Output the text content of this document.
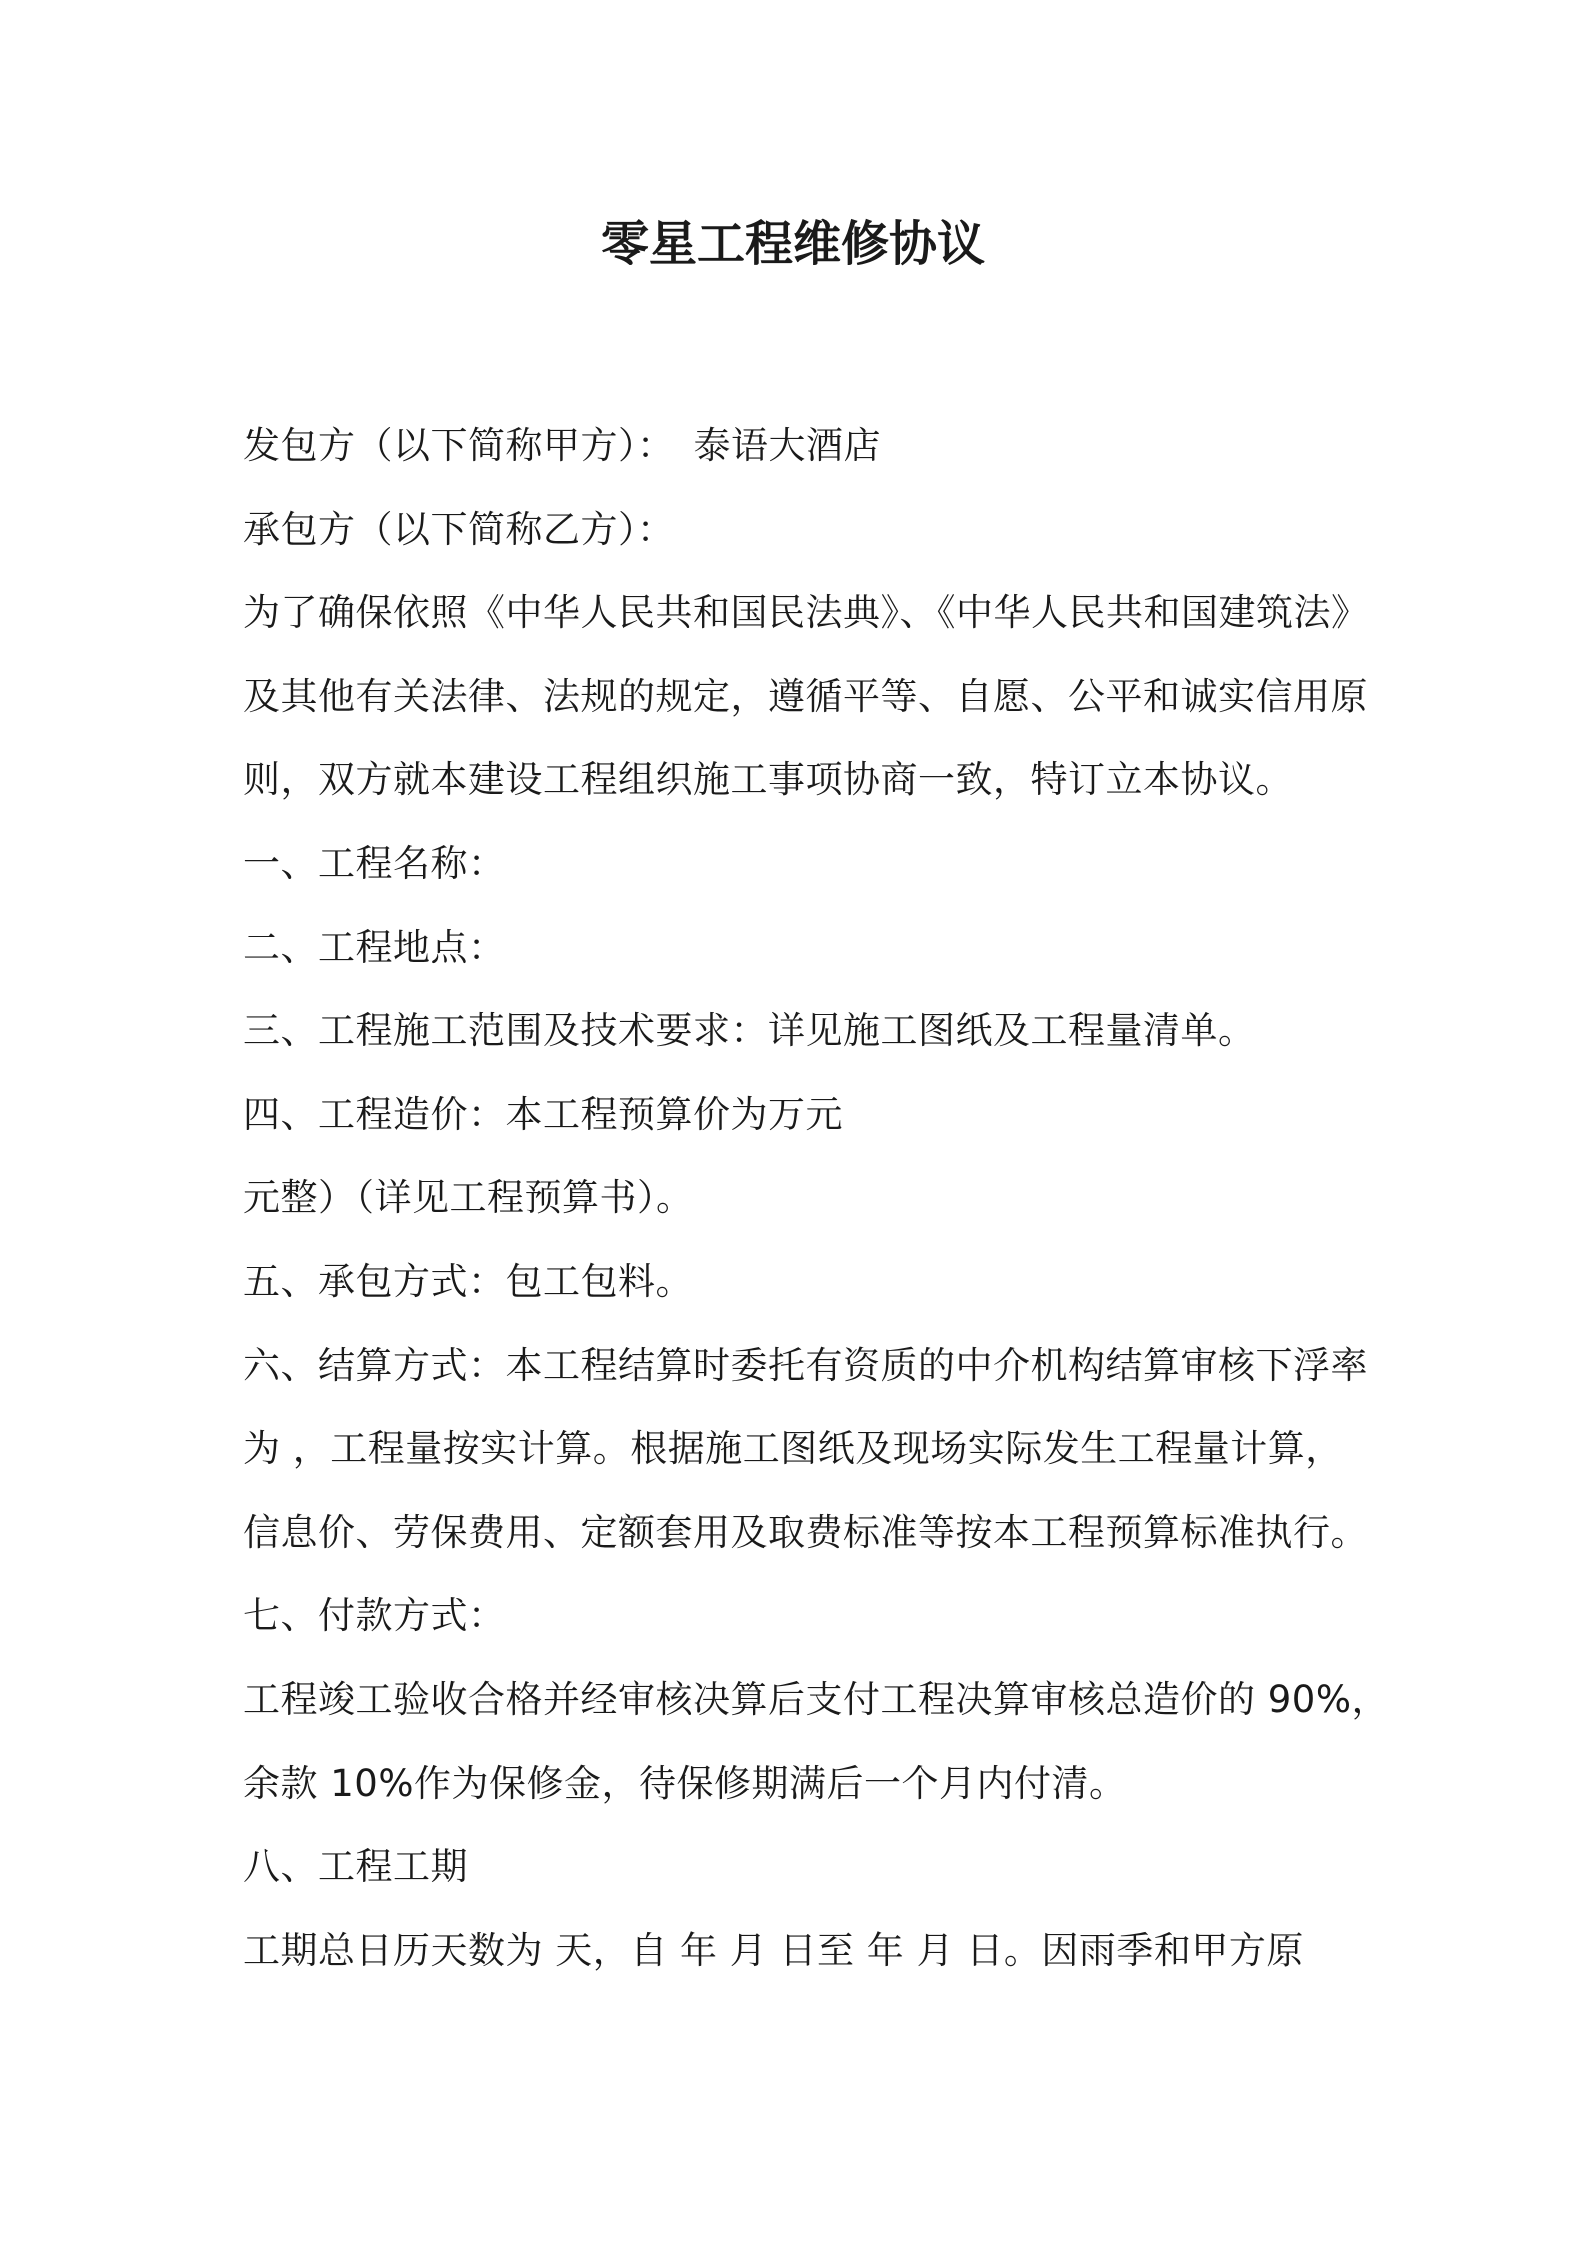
零星工程维修协议
发包方（以下简称甲方）：　泰语大酒店
承包方（以下简称乙方）：
为了确保依照《中华人民共和国民法典》、《中华人民共和国建筑法》
及其他有关法律、法规的规定，遵循平等、自愿、公平和诚实信用原
则，双方就本建设工程组织施工事项协商一致，特订立本协议。
一、工程名称：
二、工程地点：
三、工程施工范围及技术要求：详见施工图纸及工程量清单。
四、工程造价：本工程预算价为万元
元整）（详见工程预算书）。
五、承包方式：包工包料。
六、结算方式：本工程结算时委托有资质的中介机构结算审核下浮率
为 ，工程量按实计算。根据施工图纸及现场实际发生工程量计算，
信息价、劳保费用、定额套用及取费标准等按本工程预算标准执行。
七、付款方式：
工程竣工验收合格并经审核决算后支付工程决算审核总造价的 90%，
余款 10%作为保修金，待保修期满后一个月内付清。
八、工程工期
工期总日历天数为 天，自 年 月 日至 年 月 日。因雨季和甲方原
